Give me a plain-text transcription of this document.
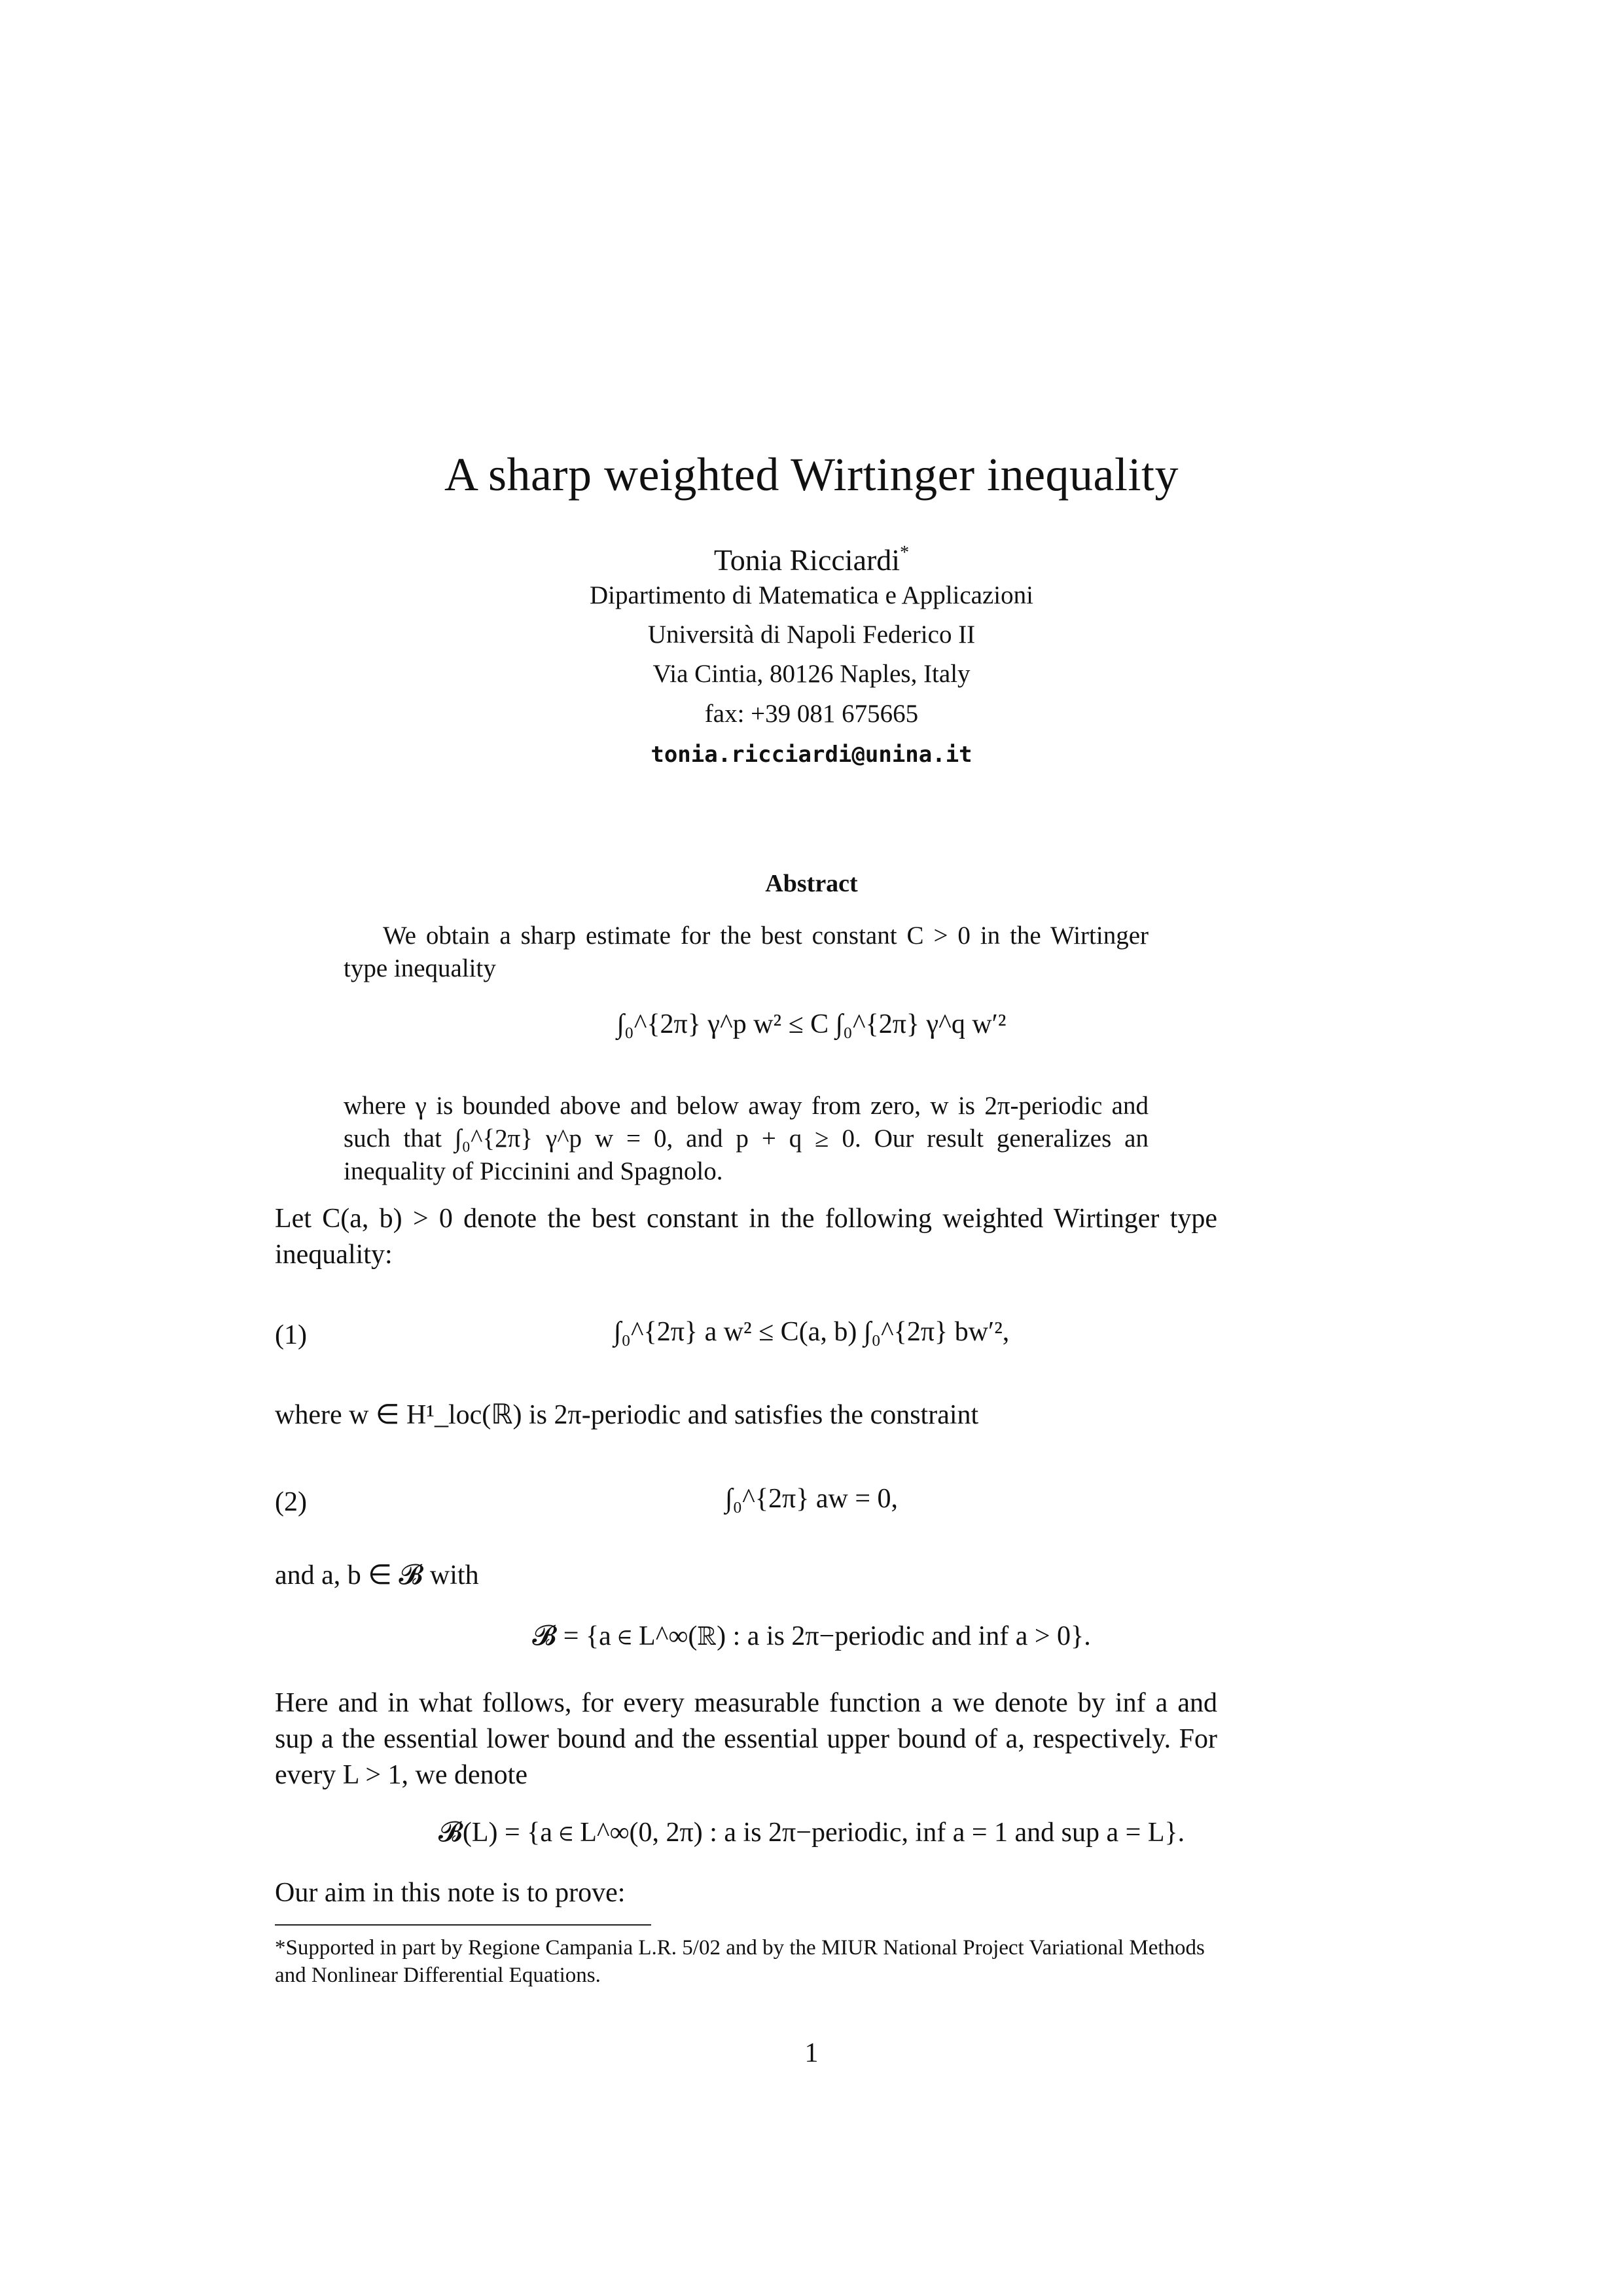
A sharp weighted Wirtinger inequality
Tonia Ricciardi*
Dipartimento di Matematica e Applicazioni
Università di Napoli Federico II
Via Cintia, 80126 Naples, Italy
fax: +39 081 675665
tonia.ricciardi@unina.it
Abstract
We obtain a sharp estimate for the best constant C > 0 in the Wirtinger type inequality
∫₀^{2π} γ^p w² ≤ C ∫₀^{2π} γ^q w′²
where γ is bounded above and below away from zero, w is 2π-periodic and such that ∫₀^{2π} γ^p w = 0, and p + q ≥ 0. Our result generalizes an inequality of Piccinini and Spagnolo.
Let C(a, b) > 0 denote the best constant in the following weighted Wirtinger type inequality:
(1)	∫₀^{2π} a w² ≤ C(a, b) ∫₀^{2π} bw′²,
where w ∈ H¹_loc(ℝ) is 2π-periodic and satisfies the constraint
(2)	∫₀^{2π} aw = 0,
and a, b ∈ 𝓑 with
𝓑 = {a ∈ L^∞(ℝ) : a is 2π−periodic and inf a > 0}.
Here and in what follows, for every measurable function a we denote by inf a and sup a the essential lower bound and the essential upper bound of a, respectively. For every L > 1, we denote
𝓑(L) = {a ∈ L^∞(0, 2π) : a is 2π−periodic, inf a = 1 and sup a = L}.
Our aim in this note is to prove:
*Supported in part by Regione Campania L.R. 5/02 and by the MIUR National Project Variational Methods and Nonlinear Differential Equations.
1
